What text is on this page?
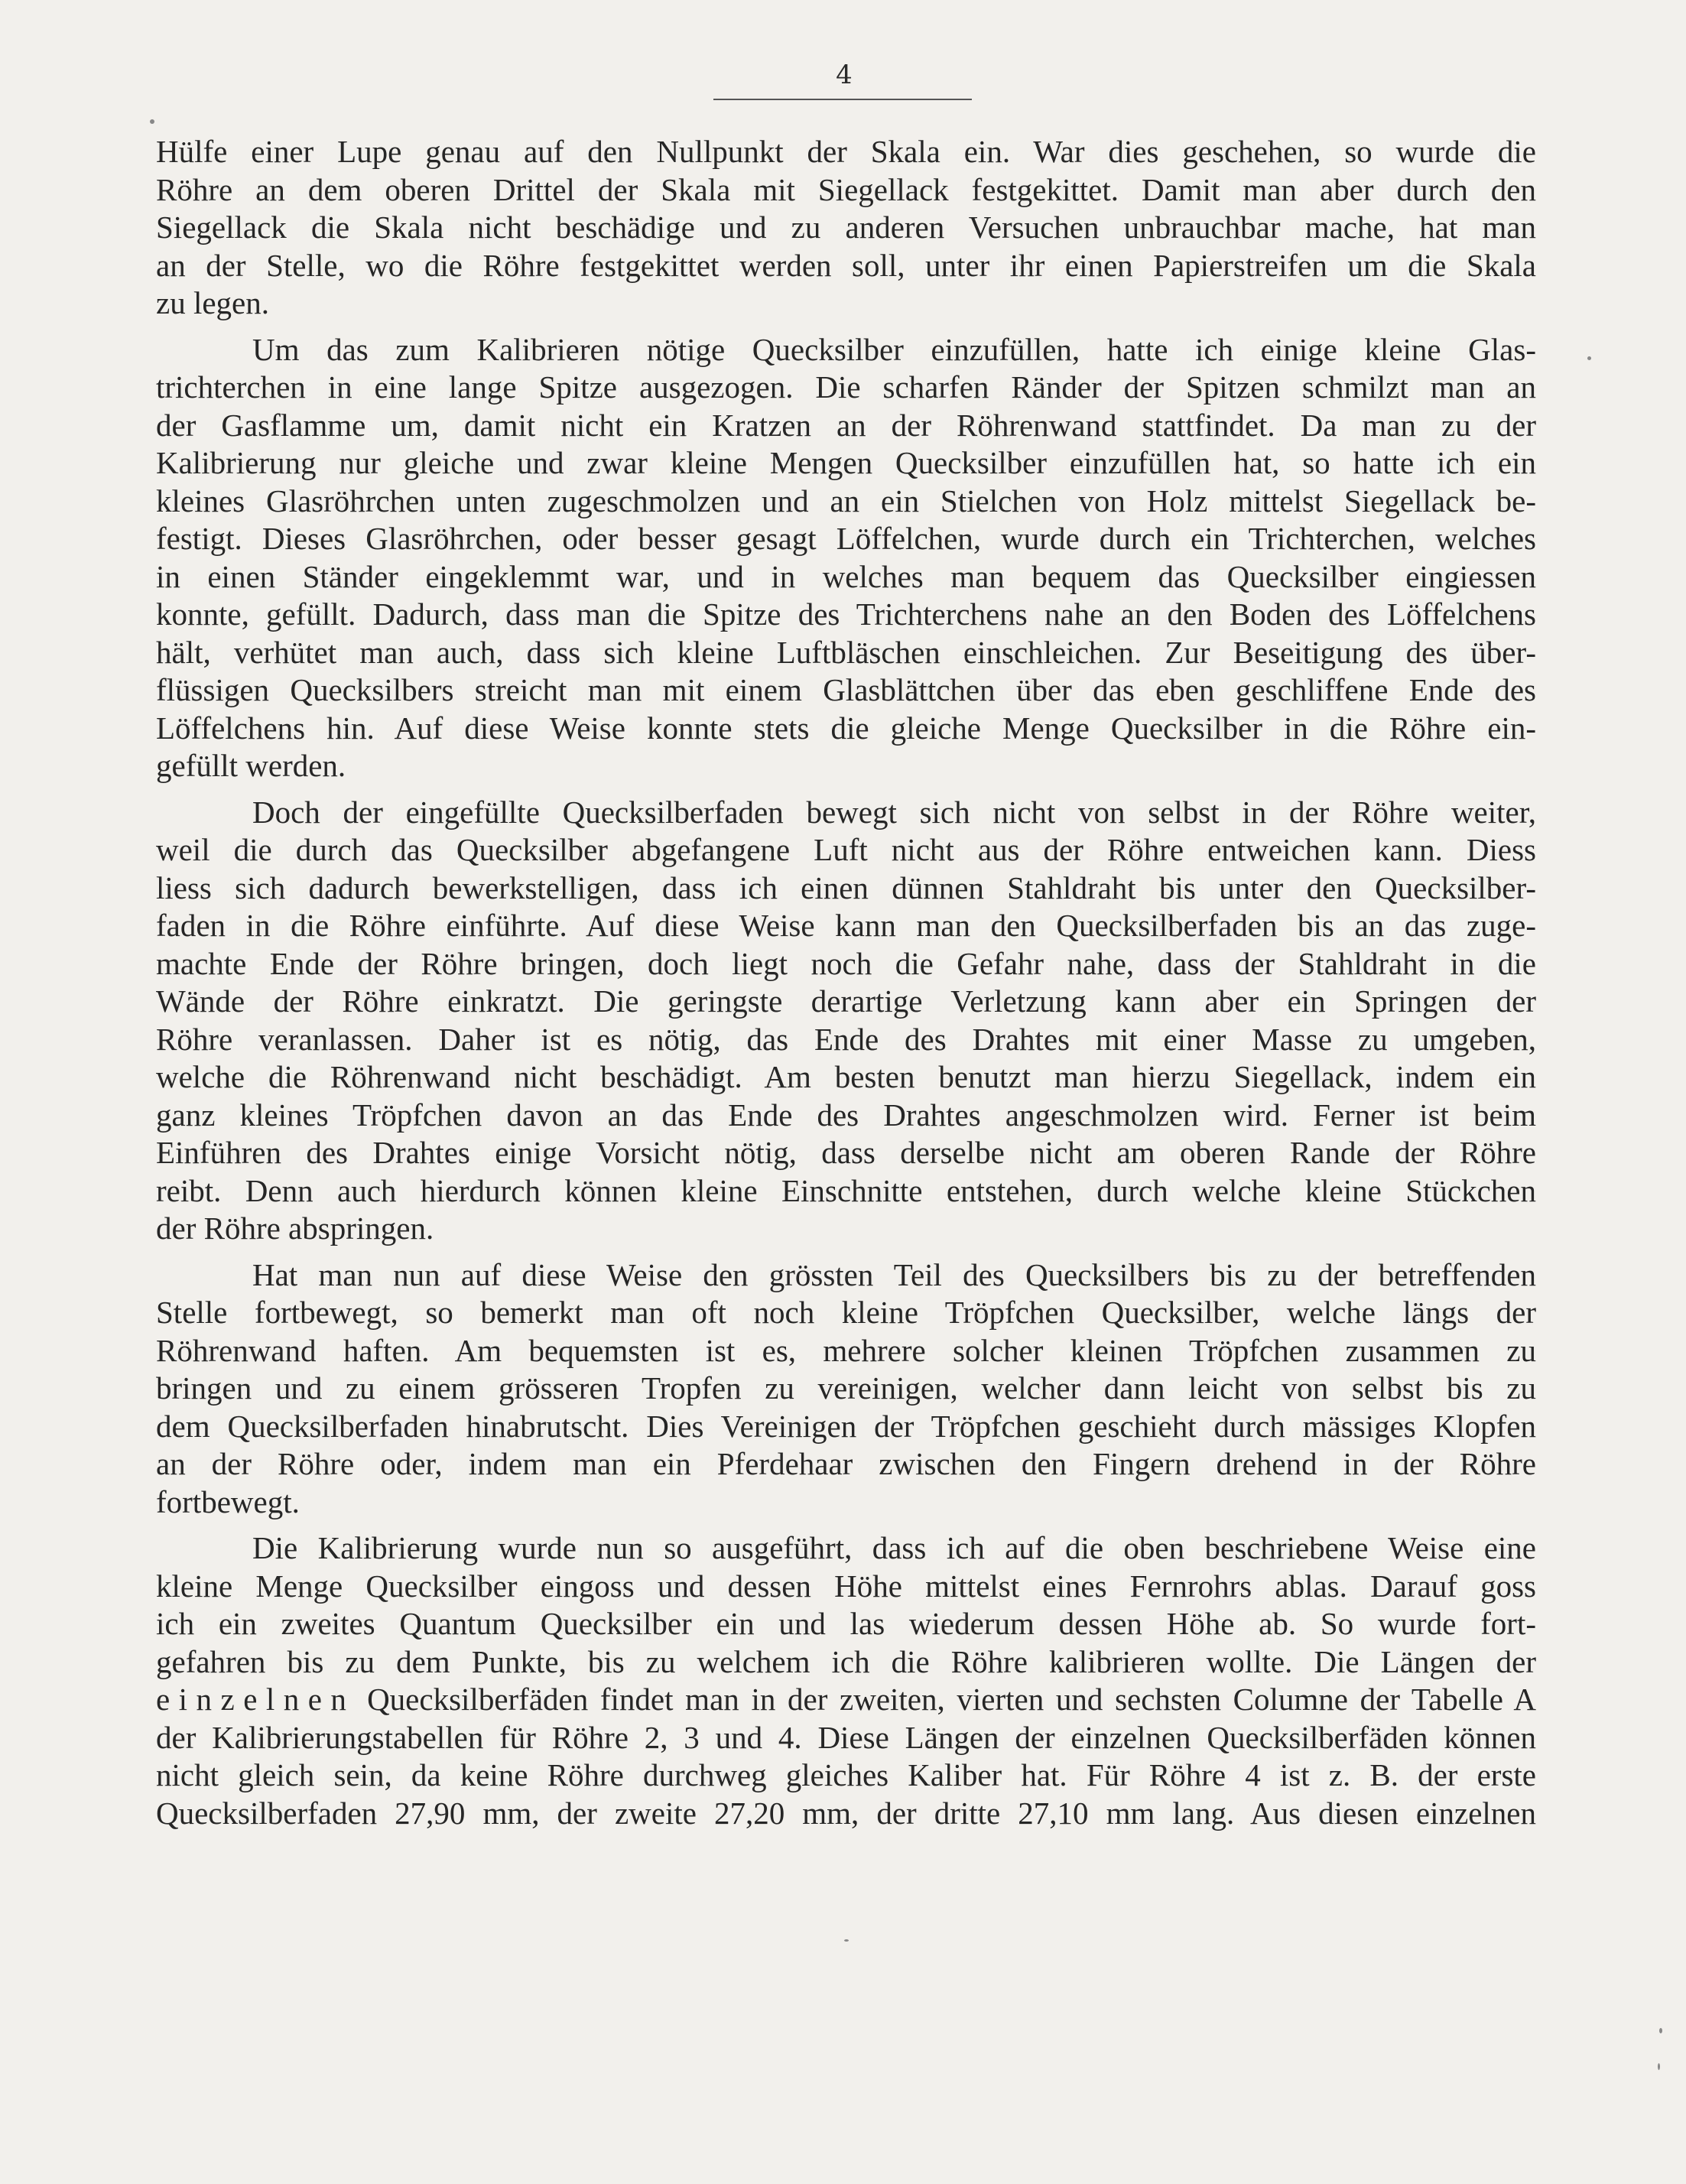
4
Hülfe einer Lupe genau auf den Nullpunkt der Skala ein. War dies geschehen, so wurde die
Röhre an dem oberen Drittel der Skala mit Siegellack festgekittet. Damit man aber durch den
Siegellack die Skala nicht beschädige und zu anderen Versuchen unbrauchbar mache, hat man
an der Stelle, wo die Röhre festgekittet werden soll, unter ihr einen Papierstreifen um die Skala
zu legen.
Um das zum Kalibrieren nötige Quecksilber einzufüllen, hatte ich einige kleine Glas-
trichterchen in eine lange Spitze ausgezogen. Die scharfen Ränder der Spitzen schmilzt man an
der Gasflamme um, damit nicht ein Kratzen an der Röhrenwand stattfindet. Da man zu der
Kalibrierung nur gleiche und zwar kleine Mengen Quecksilber einzufüllen hat, so hatte ich ein
kleines Glasröhrchen unten zugeschmolzen und an ein Stielchen von Holz mittelst Siegellack be-
festigt. Dieses Glasröhrchen, oder besser gesagt Löffelchen, wurde durch ein Trichterchen, welches
in einen Ständer eingeklemmt war, und in welches man bequem das Quecksilber eingiessen
konnte, gefüllt. Dadurch, dass man die Spitze des Trichterchens nahe an den Boden des Löffelchens
hält, verhütet man auch, dass sich kleine Luftbläschen einschleichen. Zur Beseitigung des über-
flüssigen Quecksilbers streicht man mit einem Glasblättchen über das eben geschliffene Ende des
Löffelchens hin. Auf diese Weise konnte stets die gleiche Menge Quecksilber in die Röhre ein-
gefüllt werden.
Doch der eingefüllte Quecksilberfaden bewegt sich nicht von selbst in der Röhre weiter,
weil die durch das Quecksilber abgefangene Luft nicht aus der Röhre entweichen kann. Diess
liess sich dadurch bewerkstelligen, dass ich einen dünnen Stahldraht bis unter den Quecksilber-
faden in die Röhre einführte. Auf diese Weise kann man den Quecksilberfaden bis an das zuge-
machte Ende der Röhre bringen, doch liegt noch die Gefahr nahe, dass der Stahldraht in die
Wände der Röhre einkratzt. Die geringste derartige Verletzung kann aber ein Springen der
Röhre veranlassen. Daher ist es nötig, das Ende des Drahtes mit einer Masse zu umgeben,
welche die Röhrenwand nicht beschädigt. Am besten benutzt man hierzu Siegellack, indem ein
ganz kleines Tröpfchen davon an das Ende des Drahtes angeschmolzen wird. Ferner ist beim
Einführen des Drahtes einige Vorsicht nötig, dass derselbe nicht am oberen Rande der Röhre
reibt. Denn auch hierdurch können kleine Einschnitte entstehen, durch welche kleine Stückchen
der Röhre abspringen.
Hat man nun auf diese Weise den grössten Teil des Quecksilbers bis zu der betreffenden
Stelle fortbewegt, so bemerkt man oft noch kleine Tröpfchen Quecksilber, welche längs der
Röhrenwand haften. Am bequemsten ist es, mehrere solcher kleinen Tröpfchen zusammen zu
bringen und zu einem grösseren Tropfen zu vereinigen, welcher dann leicht von selbst bis zu
dem Quecksilberfaden hinabrutscht. Dies Vereinigen der Tröpfchen geschieht durch mässiges Klopfen
an der Röhre oder, indem man ein Pferdehaar zwischen den Fingern drehend in der Röhre
fortbewegt.
Die Kalibrierung wurde nun so ausgeführt, dass ich auf die oben beschriebene Weise eine
kleine Menge Quecksilber eingoss und dessen Höhe mittelst eines Fernrohrs ablas. Darauf goss
ich ein zweites Quantum Quecksilber ein und las wiederum dessen Höhe ab. So wurde fort-
gefahren bis zu dem Punkte, bis zu welchem ich die Röhre kalibrieren wollte. Die Längen der
einzelnen Quecksilberfäden findet man in der zweiten, vierten und sechsten Columne der Tabelle A
der Kalibrierungstabellen für Röhre 2, 3 und 4. Diese Längen der einzelnen Quecksilberfäden können
nicht gleich sein, da keine Röhre durchweg gleiches Kaliber hat. Für Röhre 4 ist z. B. der erste
Quecksilberfaden 27,90 mm, der zweite 27,20 mm, der dritte 27,10 mm lang. Aus diesen einzelnen
